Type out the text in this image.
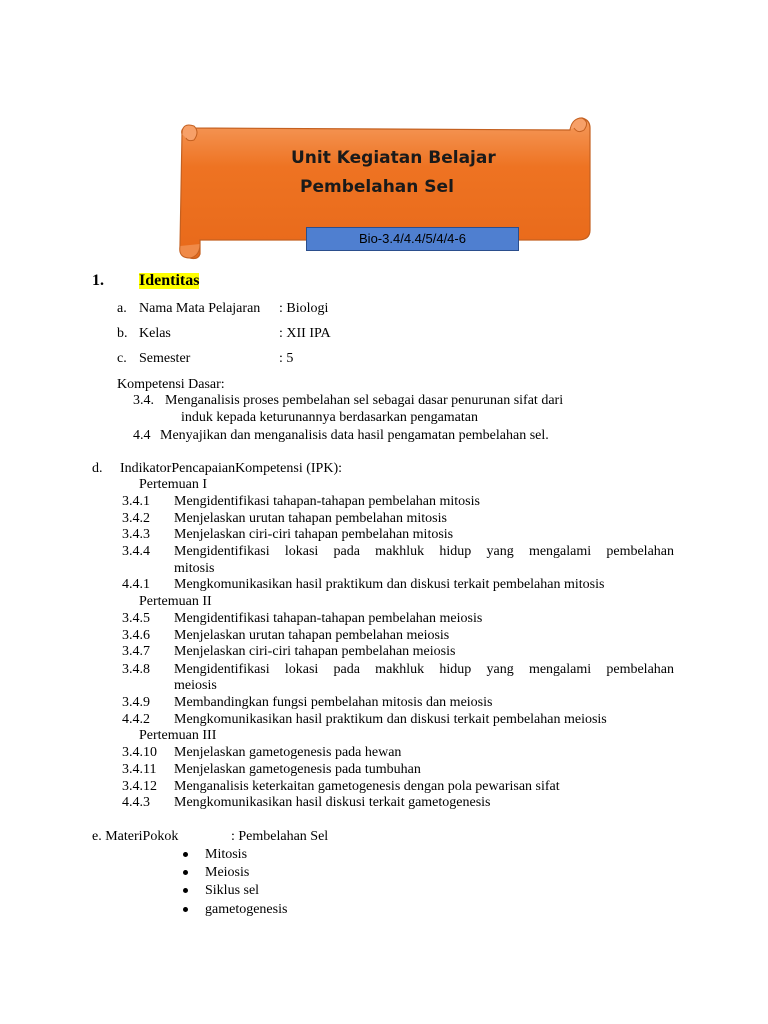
Unit Kegiatan Belajar
Pembelahan Sel
Bio-3.4/4.4/5/4/4-6
1. Identitas
a. Nama Mata Pelajaran : Biologi
b. Kelas	: XII IPA
c. Semester	: 5
Kompetensi Dasar:
3.4. Menganalisis proses pembelahan sel sebagai dasar penurunan sifat dari
induk kepada keturunannya berdasarkan pengamatan
4.4 Menyajikan dan menganalisis data hasil pengamatan pembelahan sel.
d. IndikatorPencapaianKompetensi (IPK):
Pertemuan I
3.4.1 Mengidentifikasi tahapan-tahapan pembelahan mitosis
3.4.2 Menjelaskan urutan tahapan pembelahan mitosis
3.4.3 Menjelaskan ciri-ciri tahapan pembelahan mitosis
3.4.4 Mengidentifikasi lokasi pada makhluk hidup yang mengalami pembelahan
mitosis
4.4.1 Mengkomunikasikan hasil praktikum dan diskusi terkait pembelahan mitosis
Pertemuan II
3.4.5 Mengidentifikasi tahapan-tahapan pembelahan meiosis
3.4.6 Menjelaskan urutan tahapan pembelahan meiosis
3.4.7 Menjelaskan ciri-ciri tahapan pembelahan meiosis
3.4.8 Mengidentifikasi lokasi pada makhluk hidup yang mengalami pembelahan
meiosis
3.4.9 Membandingkan fungsi pembelahan mitosis dan meiosis
4.4.2 Mengkomunikasikan hasil praktikum dan diskusi terkait pembelahan meiosis
Pertemuan III
3.4.10 Menjelaskan gametogenesis pada hewan
3.4.11 Menjelaskan gametogenesis pada tumbuhan
3.4.12 Menganalisis keterkaitan gametogenesis dengan pola pewarisan sifat
4.4.3 Mengkomunikasikan hasil diskusi terkait gametogenesis
e. MateriPokok	: Pembelahan Sel
Mitosis
Meiosis
Siklus sel
gametogenesis
